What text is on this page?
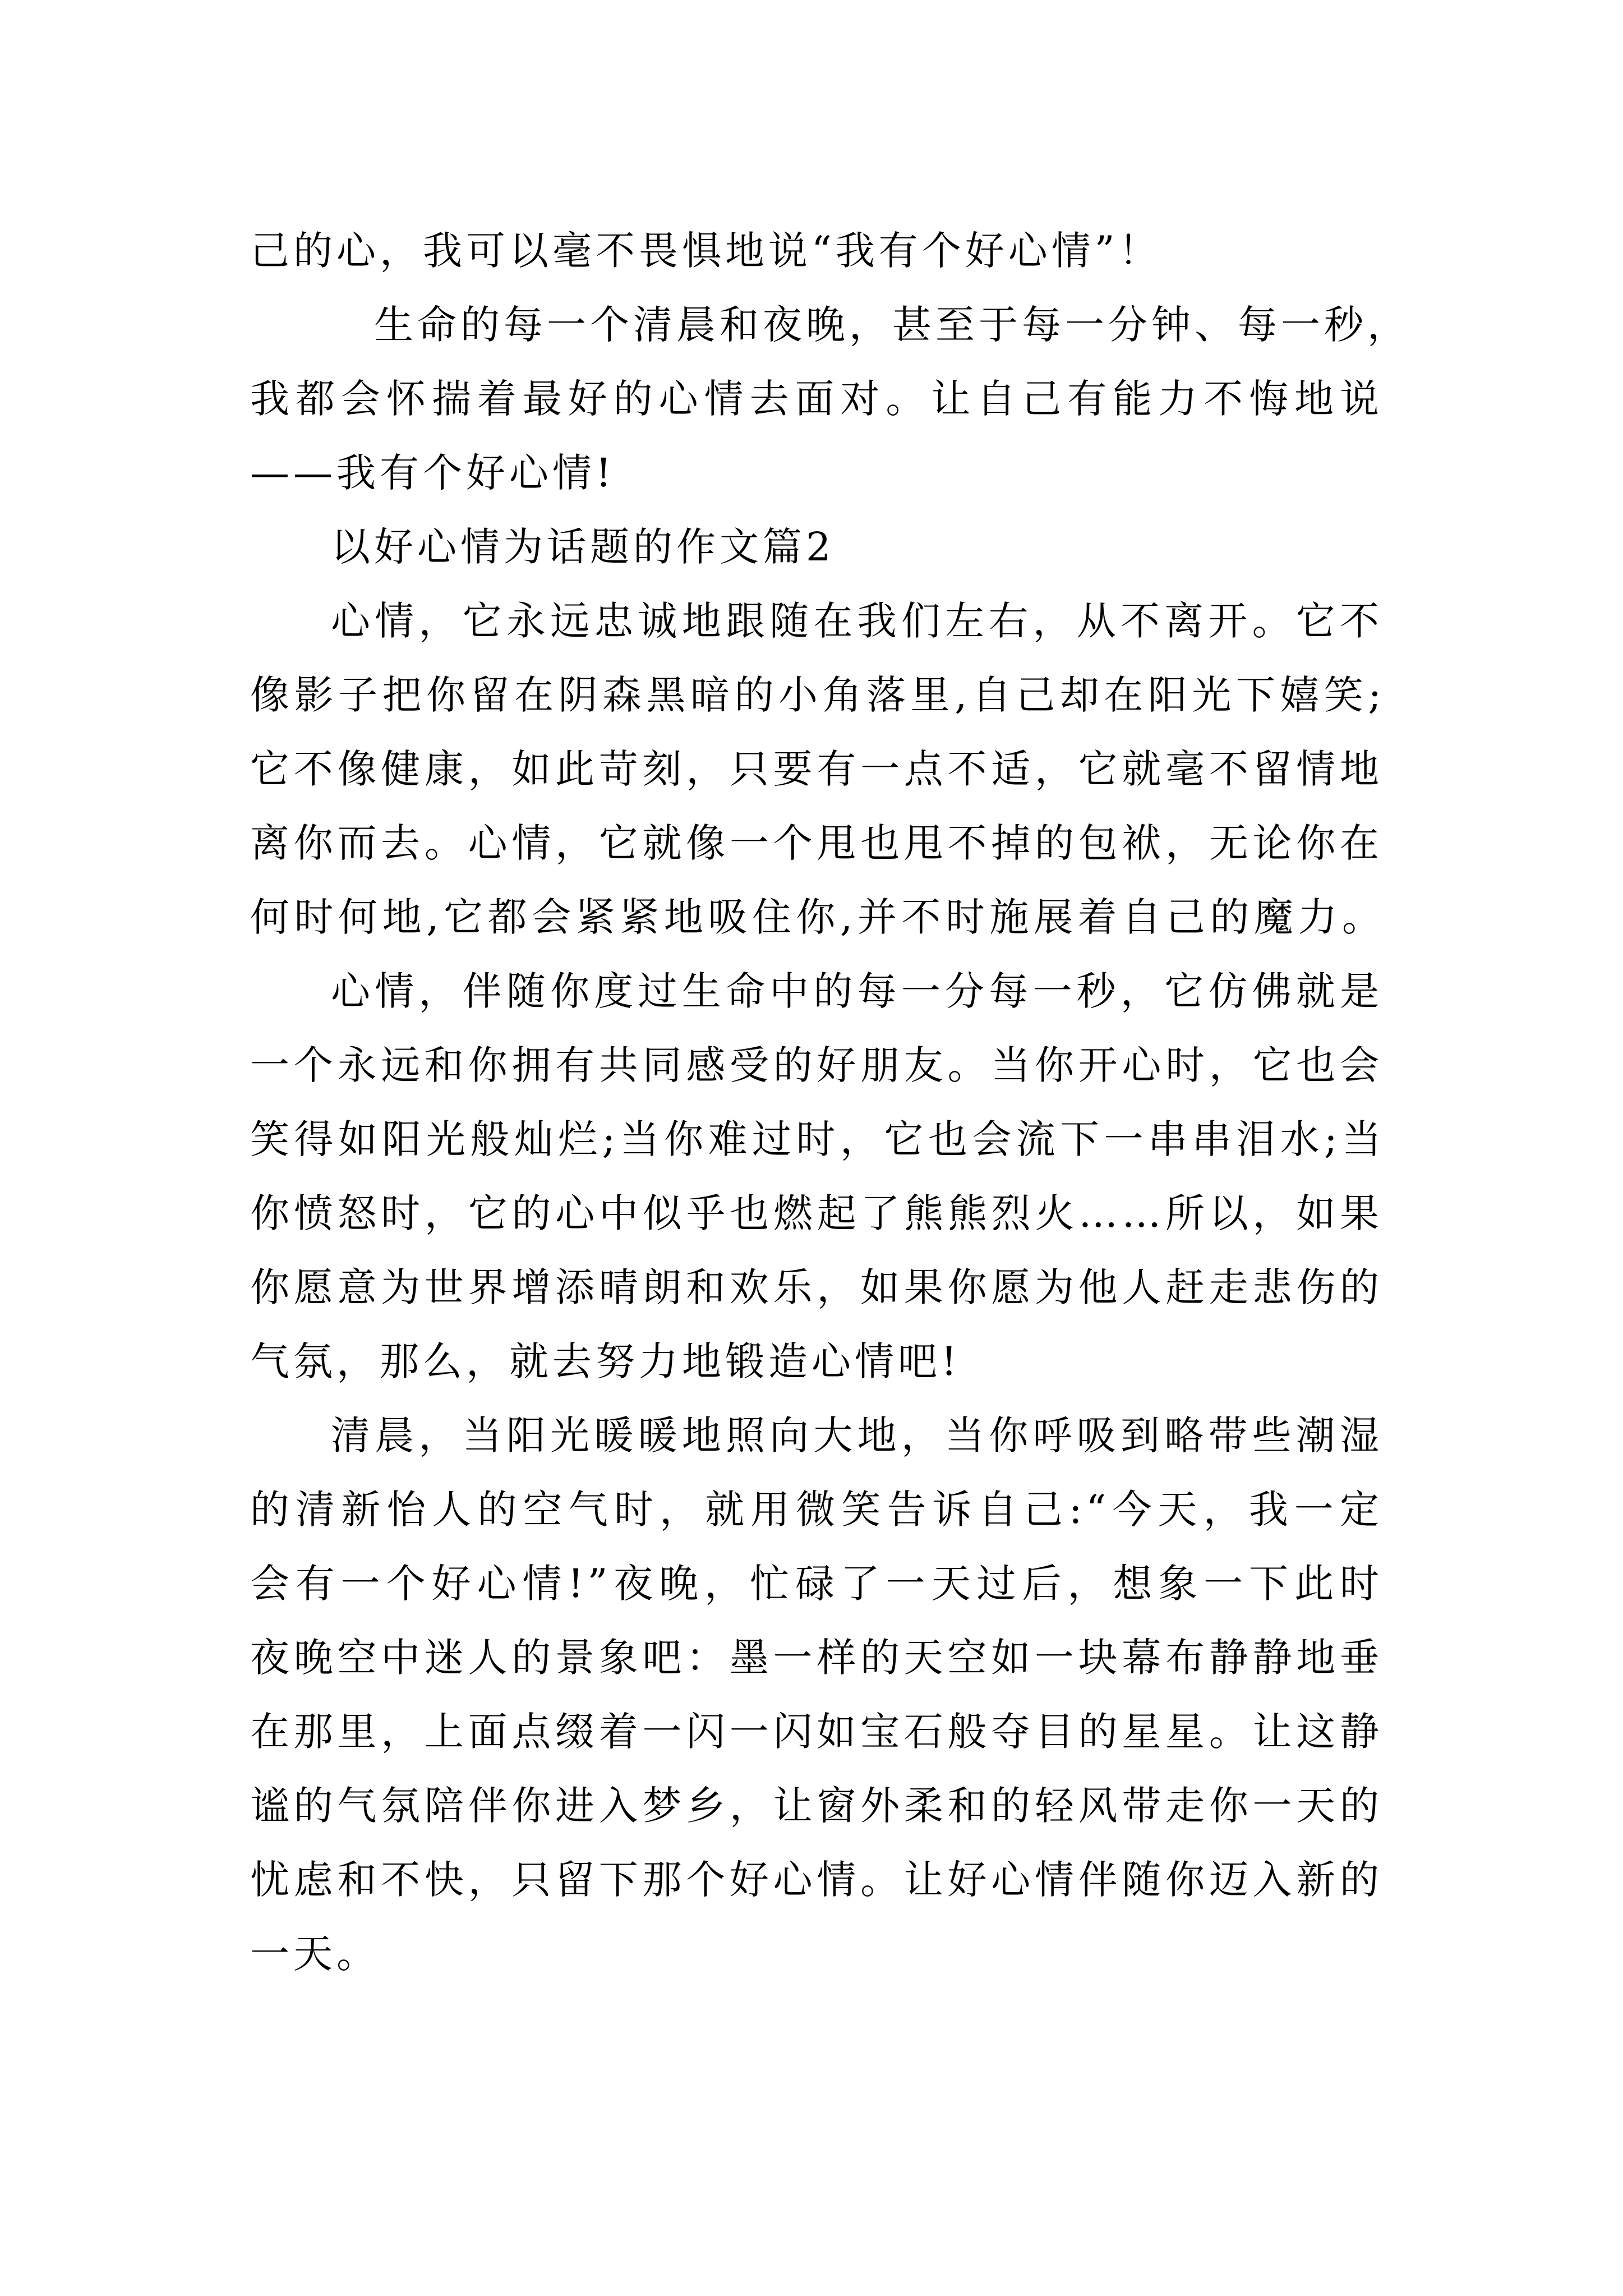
己的心，我可以毫不畏惧地说“我有个好心情”！
　生命的每一个清晨和夜晚，甚至于每一分钟、每一秒，
我都会怀揣着最好的心情去面对。让自己有能力不悔地说
——我有个好心情!
以好心情为话题的作文篇2
心情，它永远忠诚地跟随在我们左右，从不离开。它不
像影子把你留在阴森黑暗的小角落里,自己却在阳光下嬉笑;
它不像健康，如此苛刻，只要有一点不适，它就毫不留情地
离你而去。心情，它就像一个甩也甩不掉的包袱，无论你在
何时何地,它都会紧紧地吸住你,并不时施展着自己的魔力。
心情，伴随你度过生命中的每一分每一秒，它仿佛就是
一个永远和你拥有共同感受的好朋友。当你开心时，它也会
笑得如阳光般灿烂;当你难过时，它也会流下一串串泪水;当
你愤怒时，它的心中似乎也燃起了熊熊烈火……所以，如果
你愿意为世界增添晴朗和欢乐，如果你愿为他人赶走悲伤的
气氛，那么，就去努力地锻造心情吧!
清晨，当阳光暖暖地照向大地，当你呼吸到略带些潮湿
的清新怡人的空气时，就用微笑告诉自己:“今天，我一定
会有一个好心情!”夜晚，忙碌了一天过后，想象一下此时
夜晚空中迷人的景象吧：墨一样的天空如一块幕布静静地垂
在那里，上面点缀着一闪一闪如宝石般夺目的星星。让这静
谧的气氛陪伴你进入梦乡，让窗外柔和的轻风带走你一天的
忧虑和不快，只留下那个好心情。让好心情伴随你迈入新的
一天。
